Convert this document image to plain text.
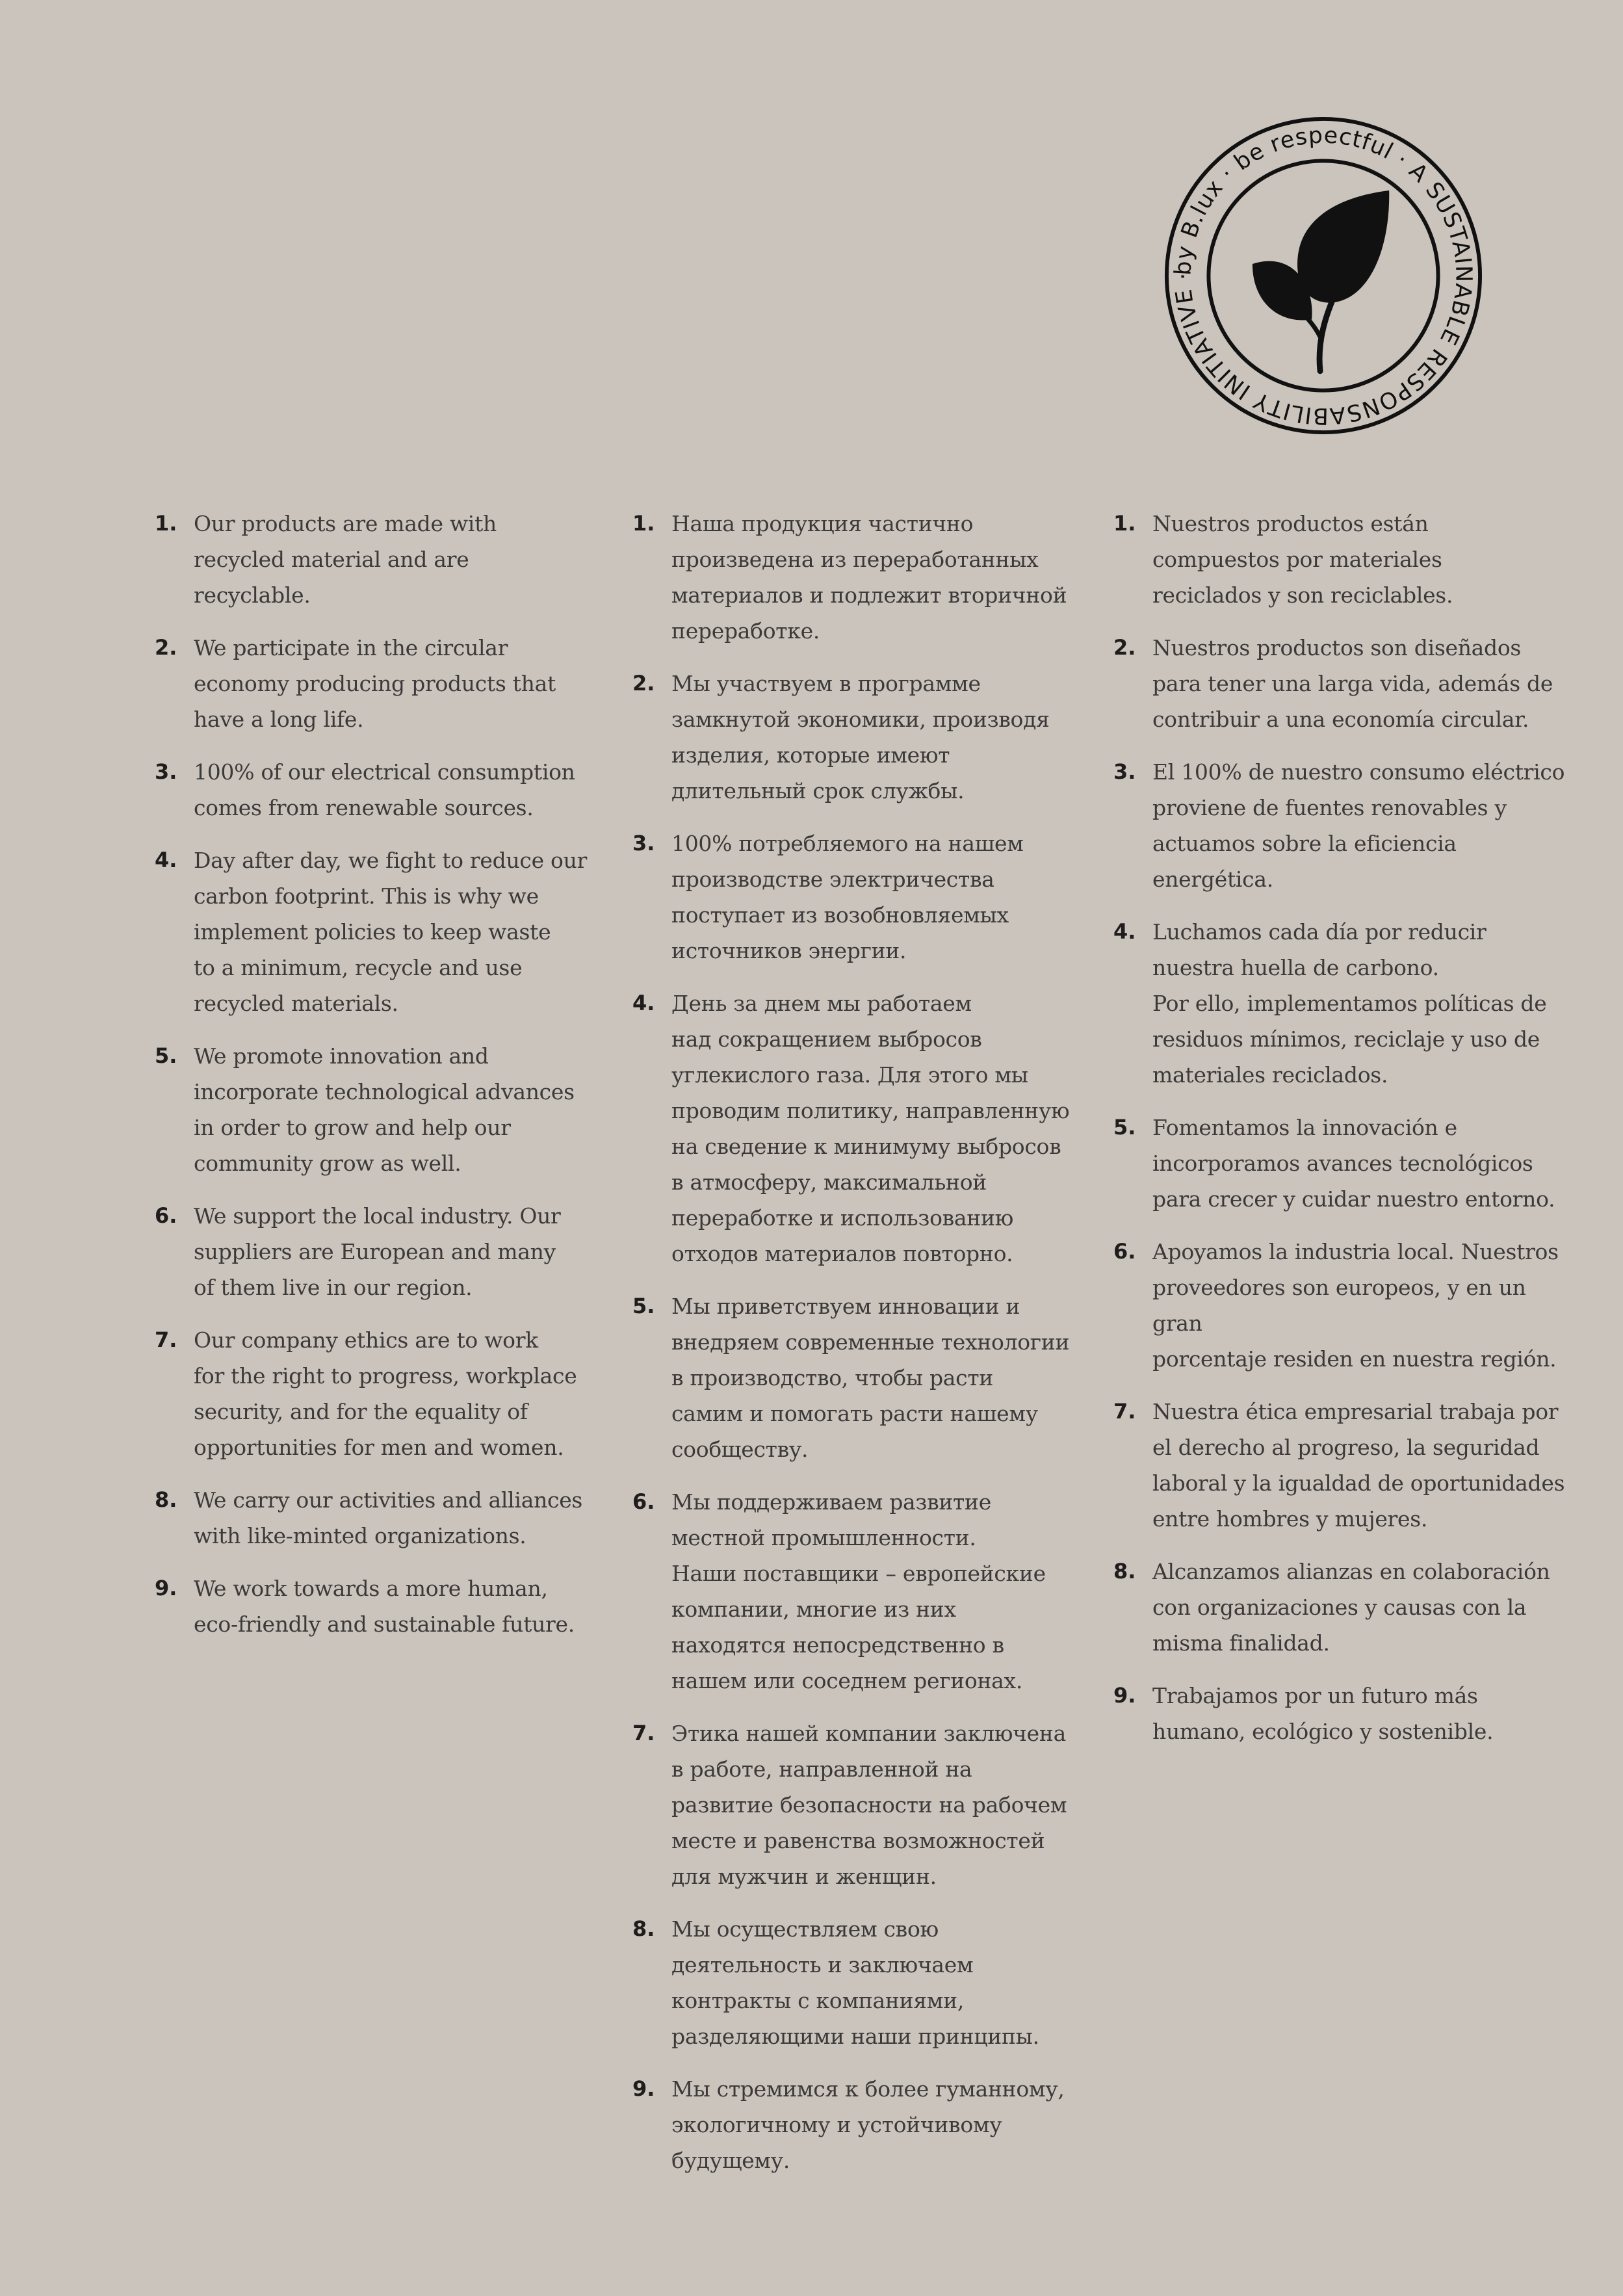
by B.lux · be respectful · A SUSTAINABLE RESPONSABILITY INITIATIVE ·
1. Our products are made with
recycled material and are recyclable.
2. We participate in the circular
economy producing products that
have a long life.
3. 100% of our electrical consumption
comes from renewable sources.
4. Day after day, we fight to reduce our
carbon footprint. This is why we
implement policies to keep waste
to a minimum, recycle and use
recycled materials.
5. We promote innovation and
incorporate technological advances
in order to grow and help our
community grow as well.
6. We support the local industry. Our
suppliers are European and many
of them live in our region.
7. Our company ethics are to work
for the right to progress, workplace
security, and for the equality of
opportunities for men and women.
8. We carry our activities and alliances
with like-minted organizations.
9. We work towards a more human,
eco-friendly and sustainable future.
1. Наша продукция частично
произведена из переработанных
материалов и подлежит вторичной
переработке.
2. Мы участвуем в программе
замкнутой экономики, производя
изделия, которые имеют
длительный срок службы.
3. 100% потребляемого на нашем
производстве электричества
поступает из возобновляемых
источников энергии.
4. День за днем мы работаем
над сокращением выбросов
углекислого газа. Для этого мы
проводим политику, направленную
на сведение к минимуму выбросов
в атмосферу, максимальной
переработке и использованию
отходов материалов повторно.
5. Мы приветствуем инновации и
внедряем современные технологии
в производство, чтобы расти
самим и помогать расти нашему
сообществу.
6. Мы поддерживаем развитие
местной промышленности.
Наши поставщики – европейские
компании, многие из них
находятся непосредственно в
нашем или соседнем регионах.
7. Этика нашей компании заключена
в работе, направленной на
развитие безопасности на рабочем
месте и равенства возможностей
для мужчин и женщин.
8. Мы осуществляем свою
деятельность и заключаем
контракты с компаниями,
разделяющими наши принципы.
9. Мы стремимся к более гуманному,
экологичному и устойчивому
будущему.
1. Nuestros productos están
compuestos por materiales
reciclados y son reciclables.
2. Nuestros productos son diseñados
para tener una larga vida, además de
contribuir a una economía circular.
3. El 100% de nuestro consumo eléctrico
proviene de fuentes renovables y
actuamos sobre la eficiencia energética.
4. Luchamos cada día por reducir
nuestra huella de carbono.
Por ello, implementamos políticas de
residuos mínimos, reciclaje y uso de
materiales reciclados.
5. Fomentamos la innovación e
incorporamos avances tecnológicos
para crecer y cuidar nuestro entorno.
6. Apoyamos la industria local. Nuestros
proveedores son europeos, y en un gran
porcentaje residen en nuestra región.
7. Nuestra ética empresarial trabaja por
el derecho al progreso, la seguridad
laboral y la igualdad de oportunidades
entre hombres y mujeres.
8. Alcanzamos alianzas en colaboración
con organizaciones y causas con la
misma finalidad.
9. Trabajamos por un futuro más
humano, ecológico y sostenible.
